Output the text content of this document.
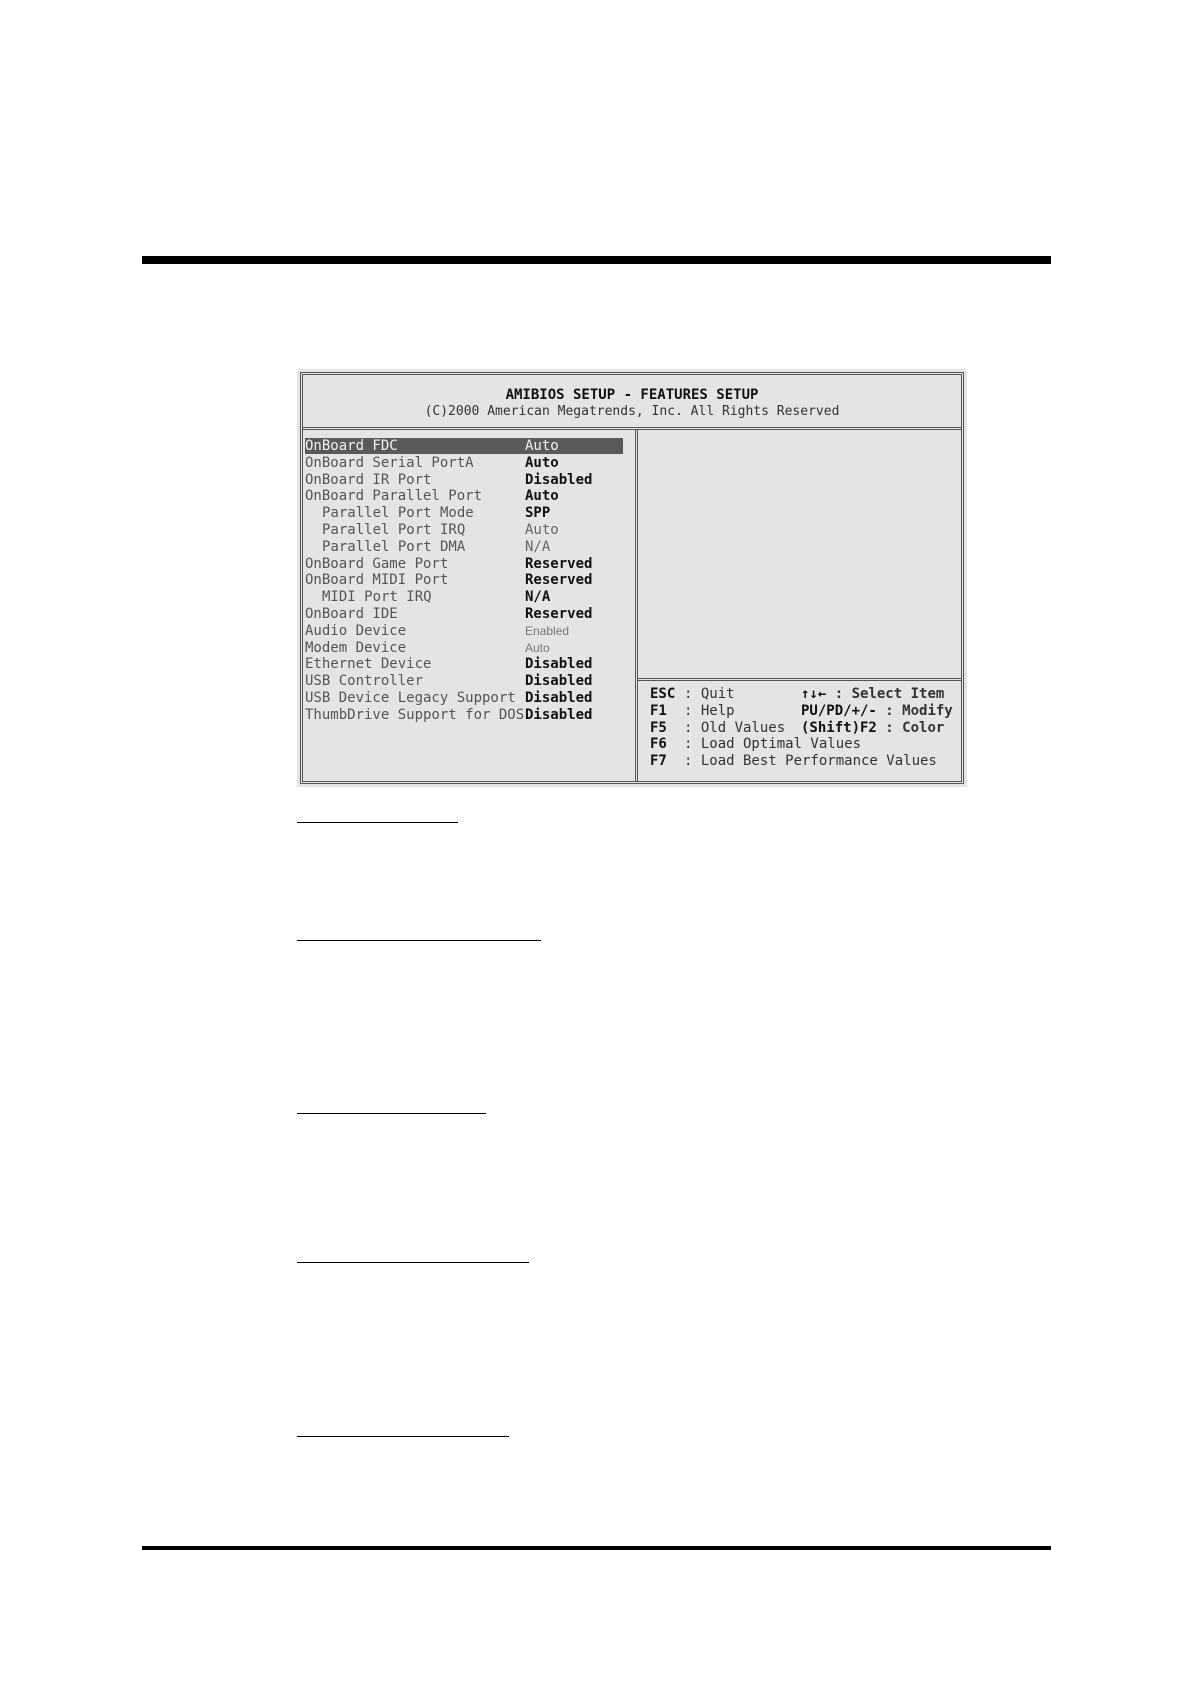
AMIBIOS SETUP - FEATURES SETUP
(C)2000 American Megatrends, Inc. All Rights Reserved
OnBoard FDC	Auto
OnBoard Serial PortA	Auto
OnBoard IR Port	Disabled
OnBoard Parallel Port	Auto
Parallel Port Mode	SPP
Parallel Port IRQ	Auto
Parallel Port DMA	N/A
OnBoard Game Port	Reserved
OnBoard MIDI Port	Reserved
MIDI Port IRQ	N/A
OnBoard IDE	Reserved
Audio Device	Enabled
Modem Device	Auto
Ethernet Device	Disabled
USB Controller	Disabled
USB Device Legacy Support Disabled
ThumbDrive Support for DOS Disabled
ESC : Quit	↑↓← : Select Item
F1 : Help	PU/PD/+/- : Modify
F5 : Old Values (Shift)F2 : Color
F6 : Load Optimal Values
F7 : Load Best Performance Values
